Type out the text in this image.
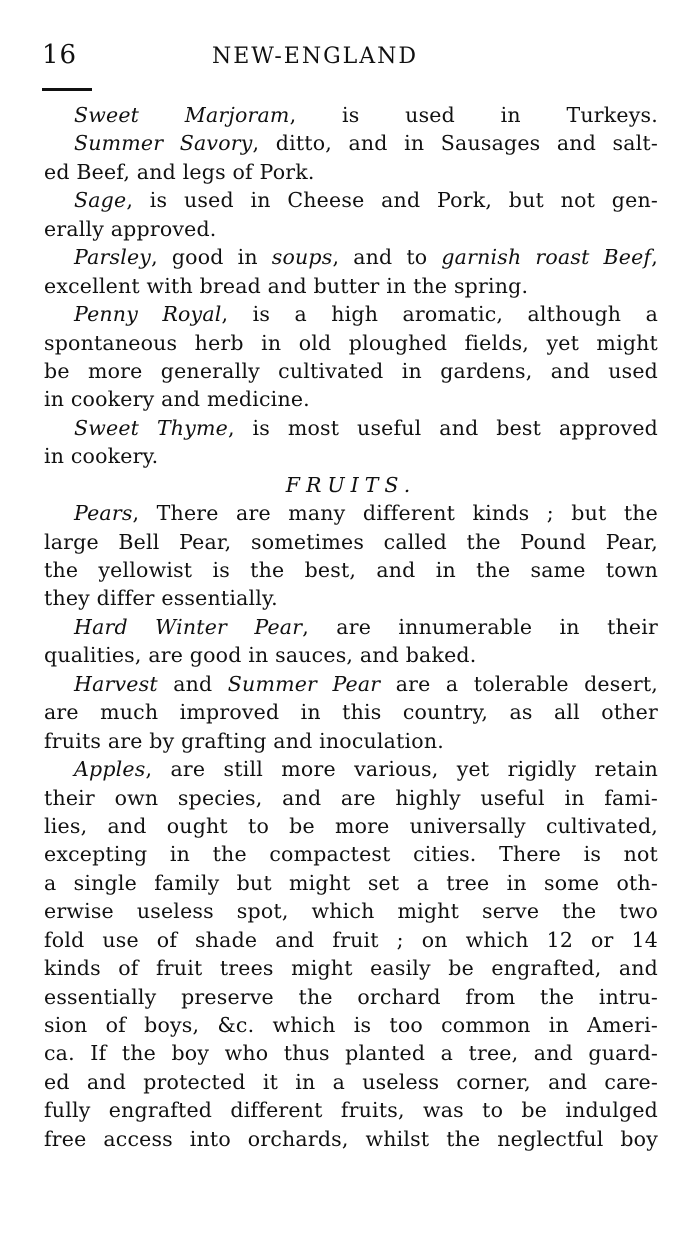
16	NEW-ENGLAND
Sweet Marjoram, is used in Turkeys.
Summer Savory, ditto, and in Sausages and salt-
ed Beef, and legs of Pork.
Sage, is used in Cheese and Pork, but not gen-
erally approved.
Parsley, good in soups, and to garnish roast Beef,
excellent with bread and butter in the spring.
Penny Royal, is a high aromatic, although a
spontaneous herb in old ploughed fields, yet might
be more generally cultivated in gardens, and used
in cookery and medicine.
Sweet Thyme, is most useful and best approved
in cookery.
FRUITS.
Pears, There are many different kinds ; but the
large Bell Pear, sometimes called the Pound Pear,
the yellowist is the best, and in the same town
they differ essentially.
Hard Winter Pear, are innumerable in their
qualities, are good in sauces, and baked.
Harvest and Summer Pear are a tolerable desert,
are much improved in this country, as all other
fruits are by grafting and inoculation.
Apples, are still more various, yet rigidly retain
their own species, and are highly useful in fami-
lies, and ought to be more universally cultivated,
excepting in the compactest cities. There is not
a single family but might set a tree in some oth-
erwise useless spot, which might serve the two
fold use of shade and fruit ; on which 12 or 14
kinds of fruit trees might easily be engrafted, and
essentially preserve the orchard from the intru-
sion of boys, &c. which is too common in Ameri-
ca. If the boy who thus planted a tree, and guard-
ed and protected it in a useless corner, and care-
fully engrafted different fruits, was to be indulged
free access into orchards, whilst the neglectful boy
